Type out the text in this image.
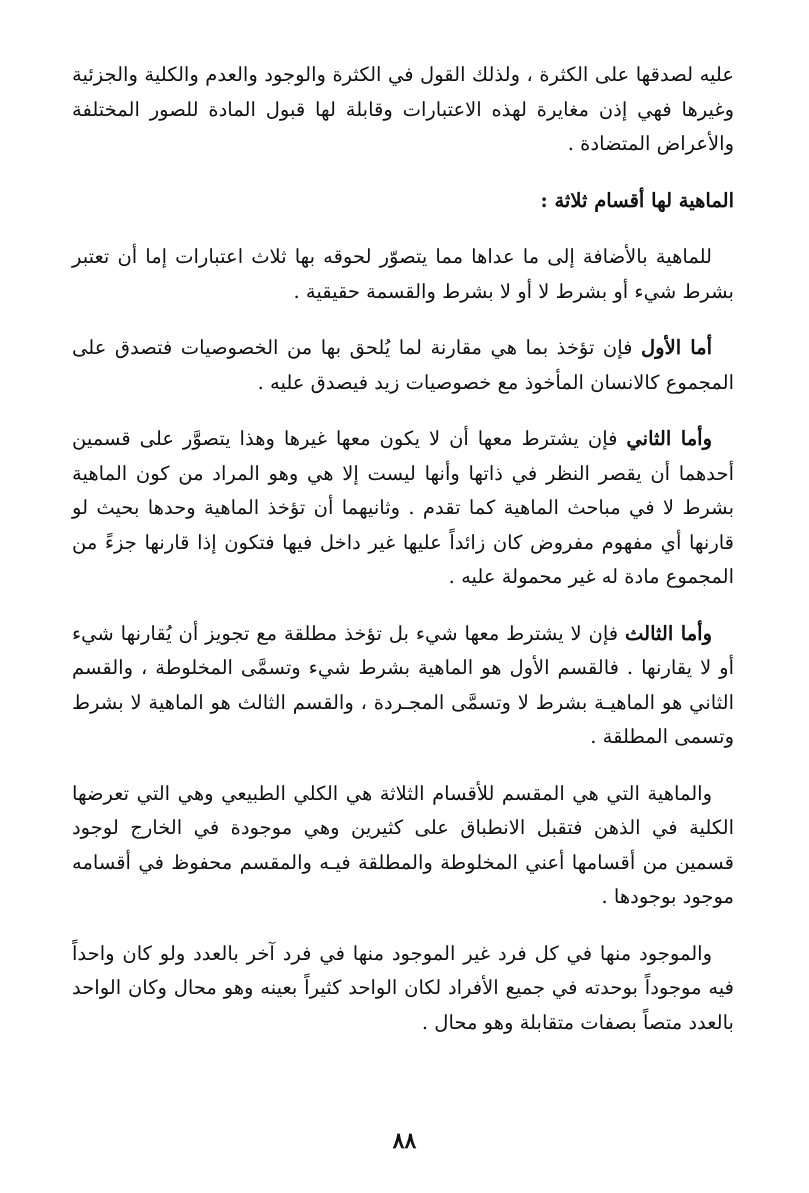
عليه لصدقها على الكثرة ، ولذلك القول في الكثرة والوجود والعدم والكلية والجزئية وغيرها فهي إذن مغايرة لهذه الاعتبارات وقابلة لها قبول المادة للصور المختلفة والأعراض المتضادة .

الماهية لها أقسام ثلاثة :

للماهية بالأضافة إلى ما عداها مما يتصوّر لحوقه بها ثلاث اعتبارات إما أن تعتبر بشرط شيء أو بشرط لا أو لا بشرط والقسمة حقيقية .

أما الأول فإن تؤخذ بما هي مقارنة لما يُلحق بها من الخصوصيات فتصدق على المجموع كالانسان المأخوذ مع خصوصيات زيد فيصدق عليه .

وأما الثاني فإن يشترط معها أن لا يكون معها غيرها وهذا يتصوَّر على قسمين أحدهما أن يقصر النظر في ذاتها وأنها ليست إلا هي وهو المراد من كون الماهية بشرط لا في مباحث الماهية كما تقدم . وثانيهما أن تؤخذ الماهية وحدها بحيث لو قارنها أي مفهوم مفروض كان زائداً عليها غير داخل فيها فتكون إذا قارنها جزءً من المجموع مادة له غير محمولة عليه .

وأما الثالث فإن لا يشترط معها شيء بل تؤخذ مطلقة مع تجويز أن يُقارنها شيء أو لا يقارنها . فالقسم الأول هو الماهية بشرط شيء وتسمَّى المخلوطة ، والقسم الثاني هو الماهيـة بشرط لا وتسمَّى المجـردة ، والقسم الثالث هو الماهية لا بشرط وتسمى المطلقة .

والماهية التي هي المقسم للأقسام الثلاثة هي الكلي الطبيعي وهي التي تعرضها الكلية في الذهن فتقبل الانطباق على كثيرين وهي موجودة في الخارج لوجود قسمين من أقسامها أعني المخلوطة والمطلقة فيـه والمقسم محفوظ في أقسامه موجود بوجودها .

والموجود منها في كل فرد غير الموجود منها في فرد آخر بالعدد ولو كان واحداً فيه موجوداً بوحدته في جميع الأفراد لكان الواحد كثيراً بعينه وهو محال وكان الواحد بالعدد متصاً بصفات متقابلة وهو محال .

٨٨
